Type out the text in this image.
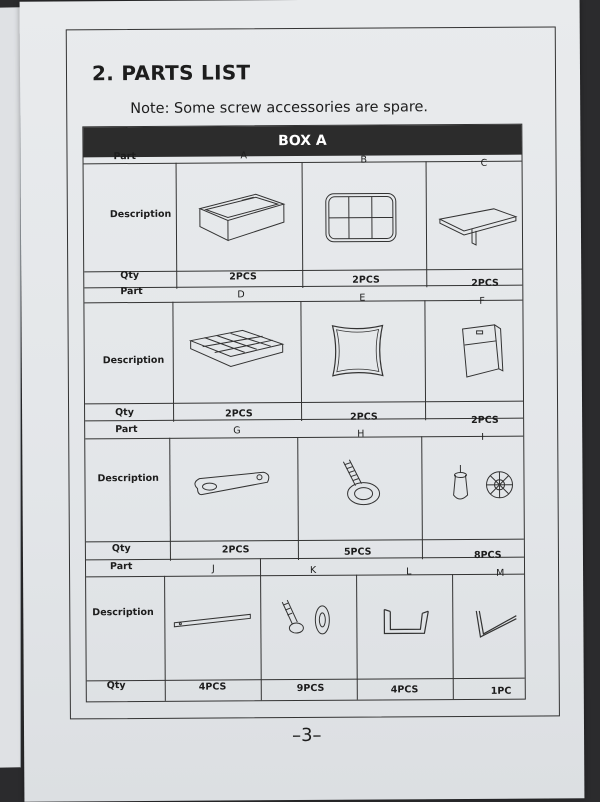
2. PARTS LIST
Note: Some screw accessories are spare.
BOX A
Part	A	B	C
Description
Qty	2PCS	2PCS	2PCS
Part	D	E	F
Description
Qty	2PCS	2PCS	2PCS
Part	G	H	I
Description
Qty	2PCS	5PCS	8PCS
Part	J	K	L	M
Description
Qty	4PCS	9PCS	4PCS	1PC
–3–
